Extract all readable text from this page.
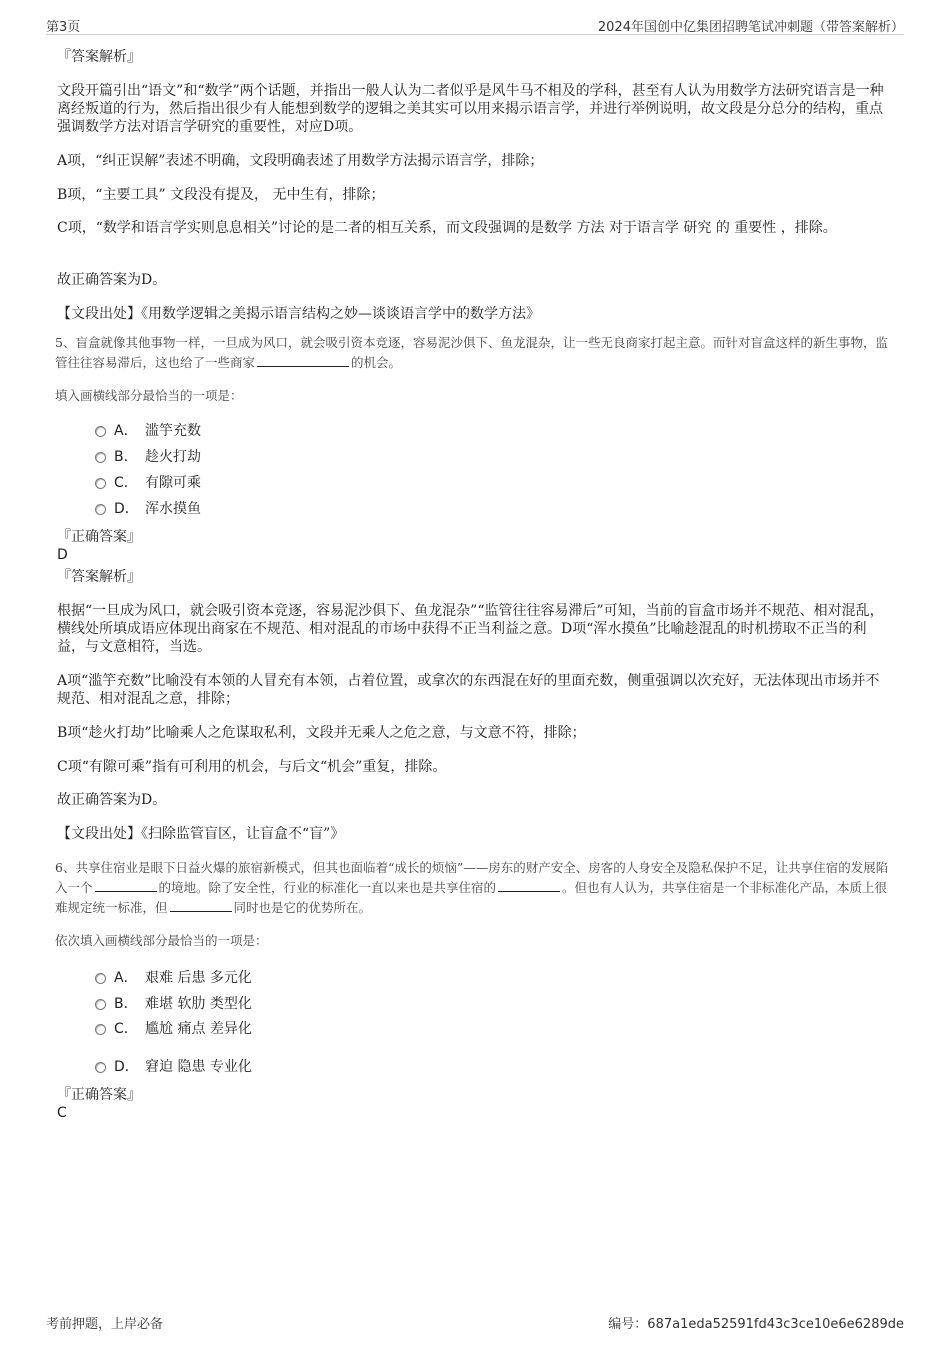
第3页	2024年国创中亿集团招聘笔试冲刺题（带答案解析）
『答案解析』
文段开篇引出“语文”和“数学”两个话题，并指出一般人认为二者似乎是风牛马不相及的学科，甚至有人认为用数学方法研究语言是一种离经叛道的行为，然后指出很少有人能想到数学的逻辑之美其实可以用来揭示语言学，并进行举例说明，故文段是分总分的结构，重点强调数学方法对语言学研究的重要性，对应D项。
A项，“纠正误解”表述不明确，文段明确表述了用数学方法揭示语言学，排除；
B项，“主要工具” 文段没有提及， 无中生有，排除；
C项，“数学和语言学实则息息相关”讨论的是二者的相互关系，而文段强调的是数学 方法 对于语言学 研究 的 重要性 ，排除。
故正确答案为D。
【文段出处】《用数学逻辑之美揭示语言结构之妙—谈谈语言学中的数学方法》
5、盲盒就像其他事物一样，一旦成为风口，就会吸引资本竞逐，容易泥沙俱下、鱼龙混杂，让一些无良商家打起主意。而针对盲盒这样的新生事物，监管往往容易滞后，这也给了一些商家	的机会。
填入画横线部分最恰当的一项是：
A． 滥竽充数
B． 趁火打劫
C． 有隙可乘
D． 浑水摸鱼
『正确答案』
D
『答案解析』
根据“一旦成为风口，就会吸引资本竞逐，容易泥沙俱下、鱼龙混杂”“监管往往容易滞后”可知，当前的盲盒市场并不规范、相对混乱，横线处所填成语应体现出商家在不规范、相对混乱的市场中获得不正当利益之意。D项“浑水摸鱼”比喻趁混乱的时机捞取不正当的利益，与文意相符，当选。
A项“滥竽充数”比喻没有本领的人冒充有本领，占着位置，或拿次的东西混在好的里面充数，侧重强调以次充好，无法体现出市场并不规范、相对混乱之意，排除；
B项“趁火打劫”比喻乘人之危谋取私利，文段并无乘人之危之意，与文意不符，排除；
C项“有隙可乘”指有可利用的机会，与后文“机会”重复，排除。
故正确答案为D。
【文段出处】《扫除监管盲区，让盲盒不“盲”》
6、共享住宿业是眼下日益火爆的旅宿新模式，但其也面临着“成长的烦恼”——房东的财产安全、房客的人身安全及隐私保护不足，让共享住宿的发展陷入一个	的境地。除了安全性，行业的标准化一直以来也是共享住宿的	。但也有人认为，共享住宿是一个非标准化产品，本质上很难规定统一标准，但	同时也是它的优势所在。
依次填入画横线部分最恰当的一项是：
A． 艰难 后患 多元化
B． 难堪 软肋 类型化
C． 尴尬 痛点 差异化
D． 窘迫 隐患 专业化
『正确答案』
C
考前押题，上岸必备	编号：687a1eda52591fd43c3ce10e6e6289de
